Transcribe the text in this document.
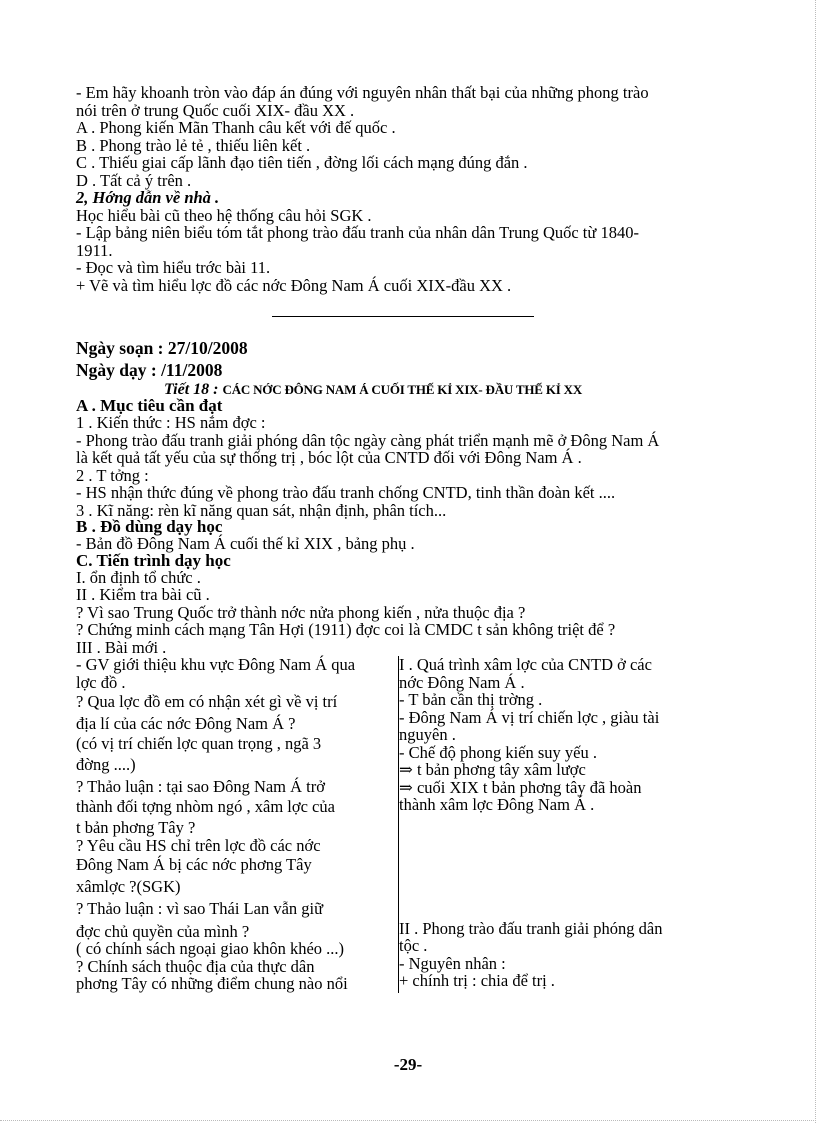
- Em hãy khoanh tròn vào đáp án đúng với nguyên nhân thất bại của những phong trào
nói trên ở trung Quốc cuối XIX- đầu XX .
A . Phong kiến Mãn Thanh câu kết với đế quốc .
B . Phong trào lẻ tẻ , thiếu liên kết .
C . Thiếu giai cấp lãnh đạo tiên tiến , đờng lối cách mạng đúng đắn .
D . Tất cả ý trên .
2, Hớng dẫn về nhà .
Học hiểu bài cũ theo hệ thống câu hỏi SGK .
- Lập bảng niên biểu tóm tắt phong trào đấu tranh của nhân dân Trung Quốc từ 1840-
1911.
- Đọc và tìm hiểu trớc bài 11.
+ Vẽ và tìm hiểu lợc đồ các nớc Đông Nam Á cuối XIX-đầu XX .
Ngày soạn : 27/10/2008
Ngày dạy : /11/2008
Tiết 18 : CÁC NỚC ĐÔNG NAM Á CUỐI THẾ KỈ XIX- ĐẦU THẾ KỈ XX
A . Mục tiêu cần đạt
1 . Kiến thức : HS nắm đợc :
- Phong trào đấu tranh giải phóng dân tộc ngày càng phát triển mạnh mẽ ở Đông Nam Á
là kết quả tất yếu của sự thống trị , bóc lột của CNTD đối với Đông Nam Á .
2 . T tởng :
- HS nhận thức đúng về phong trào đấu tranh chống CNTD, tinh thần đoàn kết ....
3 . Kĩ năng: rèn kĩ năng quan sát, nhận định, phân tích...
B . Đồ dùng dạy học
- Bản đồ Đông Nam Á cuối thế kỉ XIX , bảng phụ .
C. Tiến trình dạy học
I. ổn định tổ chức .
II . Kiểm tra bài cũ .
? Vì sao Trung Quốc trở thành nớc nửa phong kiến , nửa thuộc địa ?
? Chứng minh cách mạng Tân Hợi (1911) đợc coi là CMDC t sản không triệt để ?
III . Bài mới .
- GV giới thiệu khu vực Đông Nam Á qua
lợc đồ .
? Qua lợc đồ em có nhận xét gì về vị trí
địa lí của các nớc Đông Nam Á ?
(có vị trí chiến lợc quan trọng , ngã 3
đờng ....)
? Thảo luận : tại sao Đông Nam Á trở
thành đối tợng nhòm ngó , xâm lợc của
t bản phơng Tây ?
? Yêu cầu HS chỉ trên lợc đồ các nớc
Đông Nam Á bị các nớc phơng Tây
xâmlợc ?(SGK)
? Thảo luận : vì sao Thái Lan vẫn giữ
đợc chủ quyền của mình ?
( có chính sách ngoại giao khôn khéo ...)
? Chính sách thuộc địa của thực dân
phơng Tây có những điểm chung nào nổi

I . Quá trình xâm lợc của CNTD ở các
nớc Đông Nam Á .
- T bản cần thị trờng .
- Đông Nam Á vị trí chiến lợc , giàu tài
nguyên .
- Chế độ phong kiến suy yếu .
⇒ t bản phơng tây xâm lược
⇒ cuối XIX t bản phơng tây đã hoàn
thành xâm lợc Đông Nam Á .
II . Phong trào đấu tranh giải phóng dân
tộc .
- Nguyên nhân :
+ chính trị : chia để trị .
-29-
